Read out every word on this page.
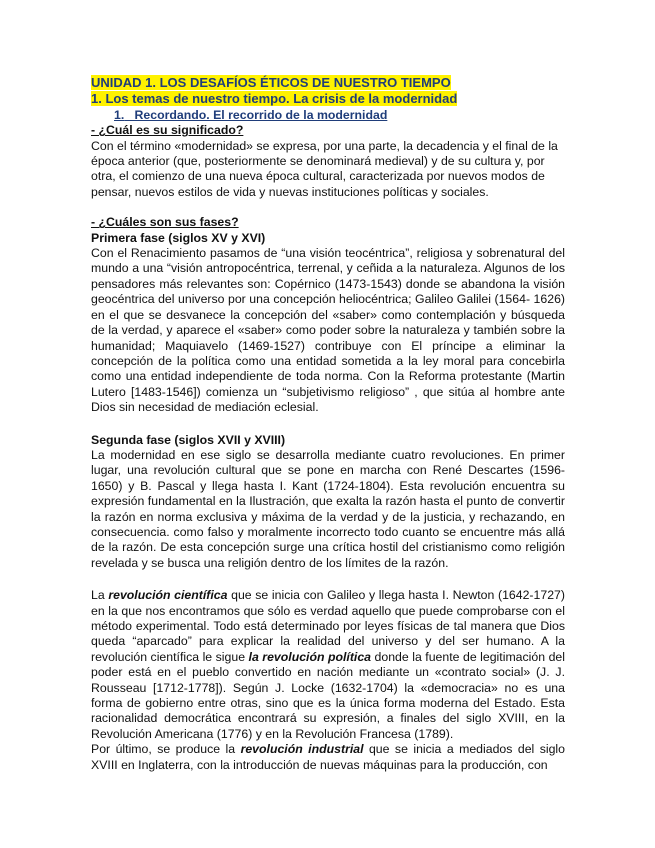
UNIDAD 1. LOS DESAFÍOS ÉTICOS DE NUESTRO TIEMPO
1. Los temas de nuestro tiempo. La crisis de la modernidad
1. Recordando. El recorrido de la modernidad
- ¿Cuál es su significado?

Con el término «modernidad» se expresa, por una parte, la decadencia y el final de la época anterior (que, posteriormente se denominará medieval) y de su cultura y, por otra, el comienzo de una nueva época cultural, caracterizada por nuevos modos de pensar, nuevos estilos de vida y nuevas instituciones políticas y sociales.

- ¿Cuáles son sus fases?
Primera fase (siglos XV y XVI)

Con el Renacimiento pasamos de “una visión teocéntrica”, religiosa y sobrenatural del mundo a una “visión antropocéntrica, terrenal, y ceñida a la naturaleza. Algunos de los pensadores más relevantes son: Copérnico (1473-1543) donde se abandona la visión geocéntrica del universo por una concepción heliocéntrica; Galileo Galilei (1564- 1626) en el que se desvanece la concepción del «saber» como contemplación y búsqueda de la verdad, y aparece el «saber» como poder sobre la naturaleza y también sobre la humanidad; Maquiavelo (1469-1527) contribuye con El príncipe a eliminar la concepción de la política como una entidad sometida a la ley moral para concebirla como una entidad independiente de toda norma. Con la Reforma protestante (Martin Lutero [1483-1546]) comienza un “subjetivismo religioso” , que sitúa al hombre ante Dios sin necesidad de mediación eclesial.

Segunda fase (siglos XVII y XVIII)

La modernidad en ese siglo se desarrolla mediante cuatro revoluciones. En primer lugar, una revolución cultural que se pone en marcha con René Descartes (1596-1650) y B. Pascal y llega hasta I. Kant (1724-1804). Esta revolución encuentra su expresión fundamental en la Ilustración, que exalta la razón hasta el punto de convertir la razón en norma exclusiva y máxima de la verdad y de la justicia, y rechazando, en consecuencia. como falso y moralmente incorrecto todo cuanto se encuentre más allá de la razón. De esta concepción surge una crítica hostil del cristianismo como religión revelada y se busca una religión dentro de los límites de la razón.

La revolución científica que se inicia con Galileo y llega hasta I. Newton (1642-1727) en la que nos encontramos que sólo es verdad aquello que puede comprobarse con el método experimental. Todo está determinado por leyes físicas de tal manera que Dios queda “aparcado” para explicar la realidad del universo y del ser humano. A la revolución científica le sigue la revolución política donde la fuente de legitimación del poder está en el pueblo convertido en nación mediante un «contrato social» (J. J. Rousseau [1712-1778]). Según J. Locke (1632-1704) la «democracia» no es una forma de gobierno entre otras, sino que es la única forma moderna del Estado. Esta racionalidad democrática encontrará su expresión, a finales del siglo XVIII, en la Revolución Americana (1776) y en la Revolución Francesa (1789).

Por último, se produce la revolución industrial que se inicia a mediados del siglo XVIII en Inglaterra, con la introducción de nuevas máquinas para la producción, con
